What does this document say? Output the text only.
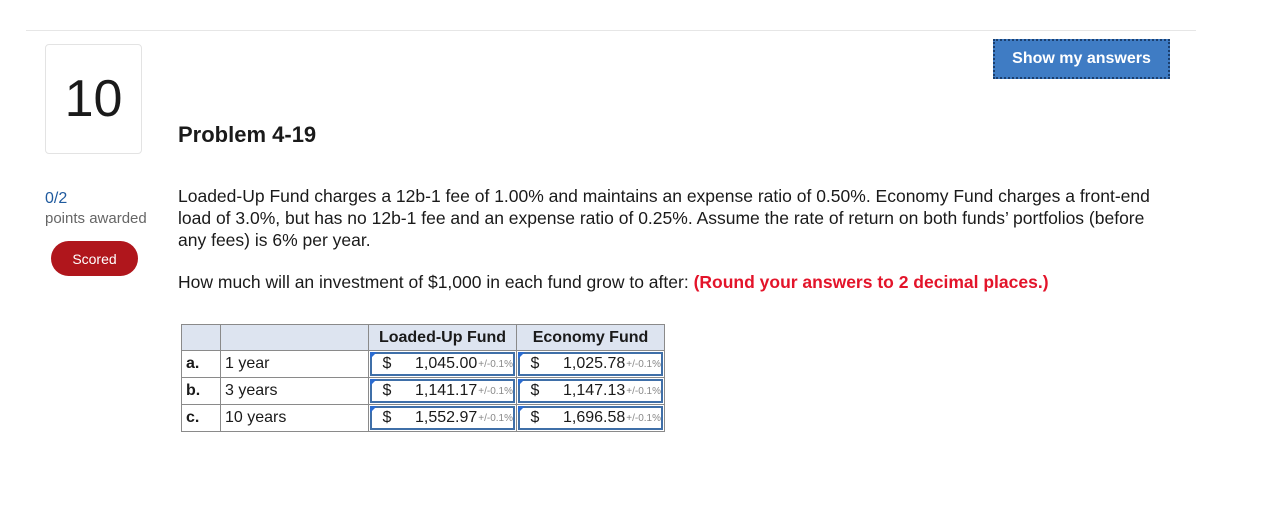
10
Show my answers
Problem 4-19
0/2
points awarded
Scored
Loaded-Up Fund charges a 12b-1 fee of 1.00% and maintains an expense ratio of 0.50%. Economy Fund charges a front-end load of 3.0%, but has no 12b-1 fee and an expense ratio of 0.25%. Assume the rate of return on both funds’ portfolios (before any fees) is 6% per year.
How much will an investment of $1,000 in each fund grow to after: (Round your answers to 2 decimal places.)
		Loaded-Up Fund	Economy Fund
a.	1 year	$ 1,045.00 +/-0.1%	$ 1,025.78 +/-0.1%

b.	3 years	$ 1,141.17 +/-0.1%	$ 1,147.13 +/-0.1%

c.	10 years	$ 1,552.97 +/-0.1%	$ 1,696.58 +/-0.1%
